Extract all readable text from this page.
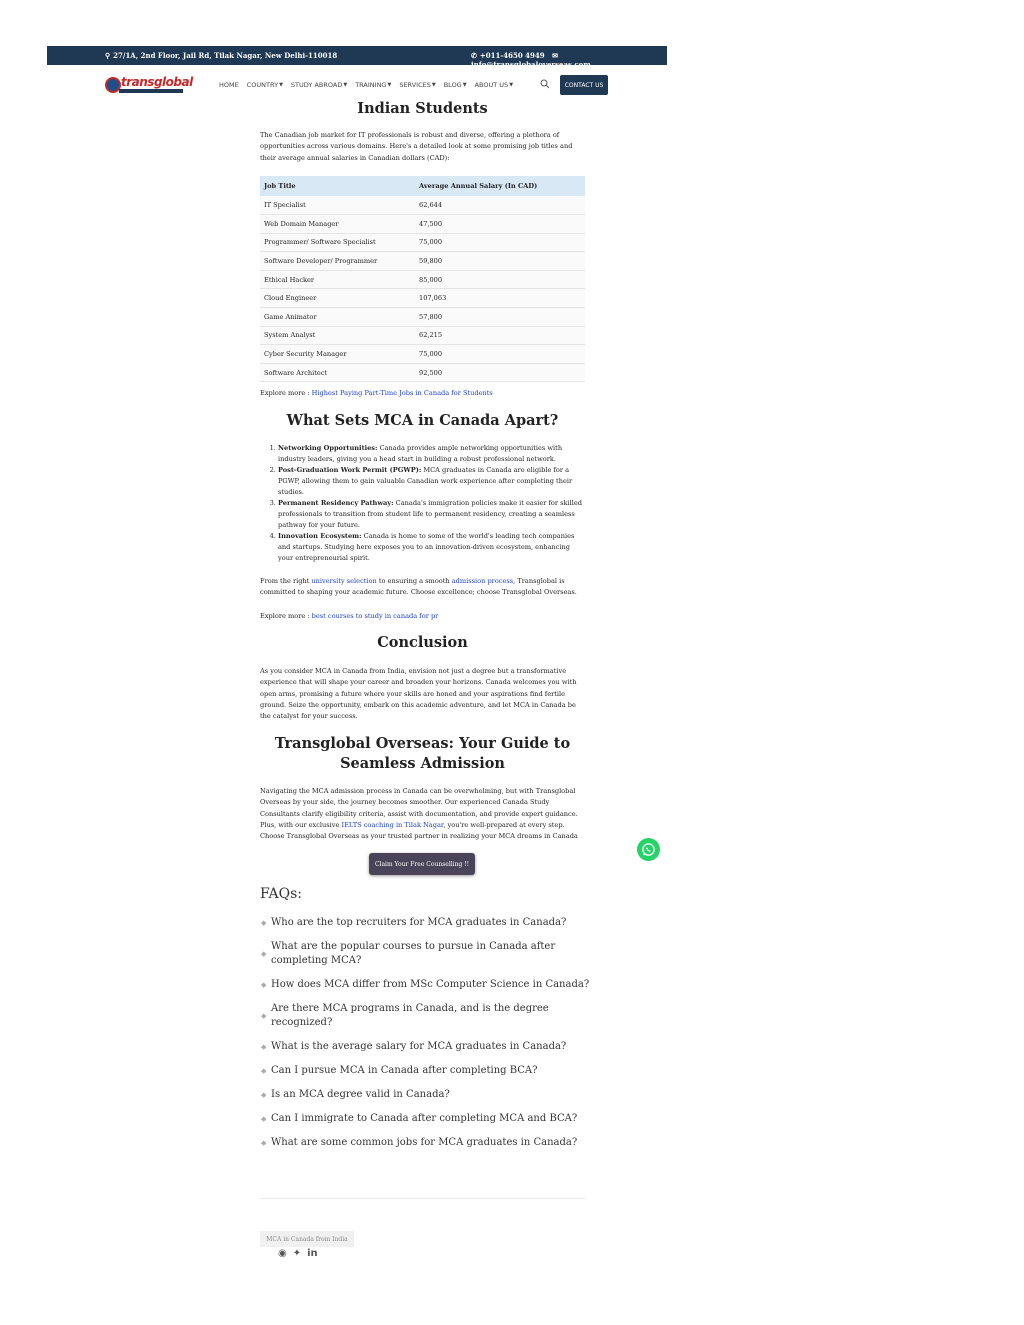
⚲ 27/1A, 2nd Floor, Jail Rd, Tilak Nagar, New Delhi-110018	✆ +011-4650 4949 ✉
transglobal	HOME COUNTRY ▼ STUDY ABROAD ▼ TRAINING ▼ SERVICES ▼ BLOG ▼ ABOUT US ▼	CONTACT US
Indian Students

The Canadian job market for IT professionals is robust and diverse, offering a plethora of opportunities across various domains. Here's a detailed look at some promising job titles and their average annual salaries in Canadian dollars (CAD):

Job Title	Average Annual Salary (In CAD)
IT Specialist	62,644
Web Domain Manager	47,500
Programmer/ Software Specialist	75,000
Software Developer/ Programmer	59,800
Ethical Hacker	85,000
Cloud Engineer	107,063
Game Animator	57,800
System Analyst	62,215
Cyber Security Manager	75,000
Software Architect	92,500

Explore more : Highest Paying Part-Time Jobs in Canada for Students

What Sets MCA in Canada Apart?
1. Networking Opportunities: Canada provides ample networking opportunities with industry leaders, giving you a head start in building a robust professional network.
2. Post-Graduation Work Permit (PGWP): MCA graduates in Canada are eligible for a PGWP, allowing them to gain valuable Canadian work experience after completing their studies.
3. Permanent Residency Pathway: Canada's immigration policies make it easier for skilled professionals to transition from student life to permanent residency, creating a seamless pathway for your future.
4. Innovation Ecosystem: Canada is home to some of the world's leading tech companies and startups. Studying here exposes you to an innovation-driven ecosystem, enhancing your entrepreneurial spirit.

From the right university selection to ensuring a smooth admission process, Transglobal is committed to shaping your academic future. Choose excellence; choose Transglobal Overseas.

Explore more : best courses to study in canada for pr

Conclusion

As you consider MCA in Canada from India, envision not just a degree but a transformative experience that will shape your career and broaden your horizons. Canada welcomes you with open arms, promising a future where your skills are honed and your aspirations find fertile ground. Seize the opportunity, embark on this academic adventure, and let MCA in Canada be the catalyst for your success.

Transglobal Overseas: Your Guide to
Seamless Admission

Navigating the MCA admission process in Canada can be overwhelming, but with Transglobal Overseas by your side, the journey becomes smoother. Our experienced Canada Study Consultants clarify eligibility criteria, assist with documentation, and provide expert guidance. Plus, with our exclusive IELTS coaching in Tilak Nagar, you're well-prepared at every step. Choose Transglobal Overseas as your trusted partner in realizing your MCA dreams in Canada

Claim Your Free Counselling !!
FAQs:
◆ Who are the top recruiters for MCA graduates in Canada?
◆
What are the popular courses to pursue in Canada after completing MCA?
◆ How does MCA differ from MSc Computer Science in Canada?
◆
Are there MCA programs in Canada, and is the degree recognized?
◆ What is the average salary for MCA graduates in Canada?
◆ Can I pursue MCA in Canada after completing BCA?
◆ Is an MCA degree valid in Canada?
◆ Can I immigrate to Canada after completing MCA and BCA?
◆ What are some common jobs for MCA graduates in Canada?
MCA in Canada from India
◉ ✦ in
